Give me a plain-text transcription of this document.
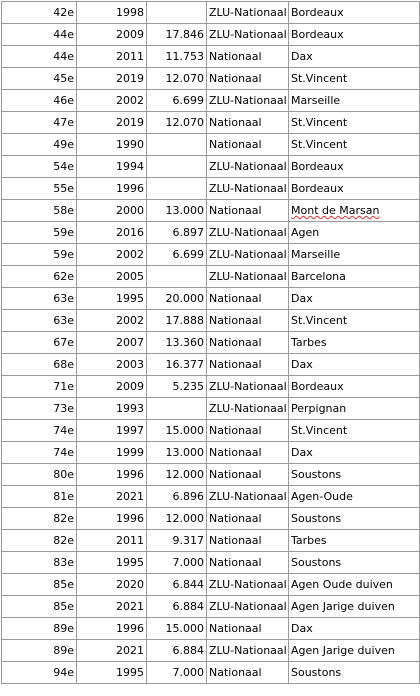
42e	1998		ZLU-Nationaal	Bordeaux
44e	2009	17.846	ZLU-Nationaal	Bordeaux
44e	2011	11.753	Nationaal	Dax
45e	2019	12.070	Nationaal	St.Vincent
46e	2002	6.699	ZLU-Nationaal	Marseille
47e	2019	12.070	Nationaal	St.Vincent
49e	1990		Nationaal	St.Vincent
54e	1994		ZLU-Nationaal	Bordeaux
55e	1996		ZLU-Nationaal	Bordeaux
58e	2000	13.000	Nationaal	Mont de Marsan
59e	2016	6.897	ZLU-Nationaal	Agen
59e	2002	6.699	ZLU-Nationaal	Marseille
62e	2005		ZLU-Nationaal	Barcelona
63e	1995	20.000	Nationaal	Dax
63e	2002	17.888	Nationaal	St.Vincent
67e	2007	13.360	Nationaal	Tarbes
68e	2003	16.377	Nationaal	Dax
71e	2009	5.235	ZLU-Nationaal	Bordeaux
73e	1993		ZLU-Nationaal	Perpignan
74e	1997	15.000	Nationaal	St.Vincent
74e	1999	13.000	Nationaal	Dax
80e	1996	12.000	Nationaal	Soustons
81e	2021	6.896	ZLU-Nationaal	Agen-Oude
82e	1996	12.000	Nationaal	Soustons
82e	2011	9.317	Nationaal	Tarbes
83e	1995	7.000	Nationaal	Soustons
85e	2020	6.844	ZLU-Nationaal	Agen Oude duiven
85e	2021	6.884	ZLU-Nationaal	Agen Jarige duiven
89e	1996	15.000	Nationaal	Dax
89e	2021	6.884	ZLU-Nationaal	Agen Jarige duiven
94e	1995	7.000	Nationaal	Soustons
